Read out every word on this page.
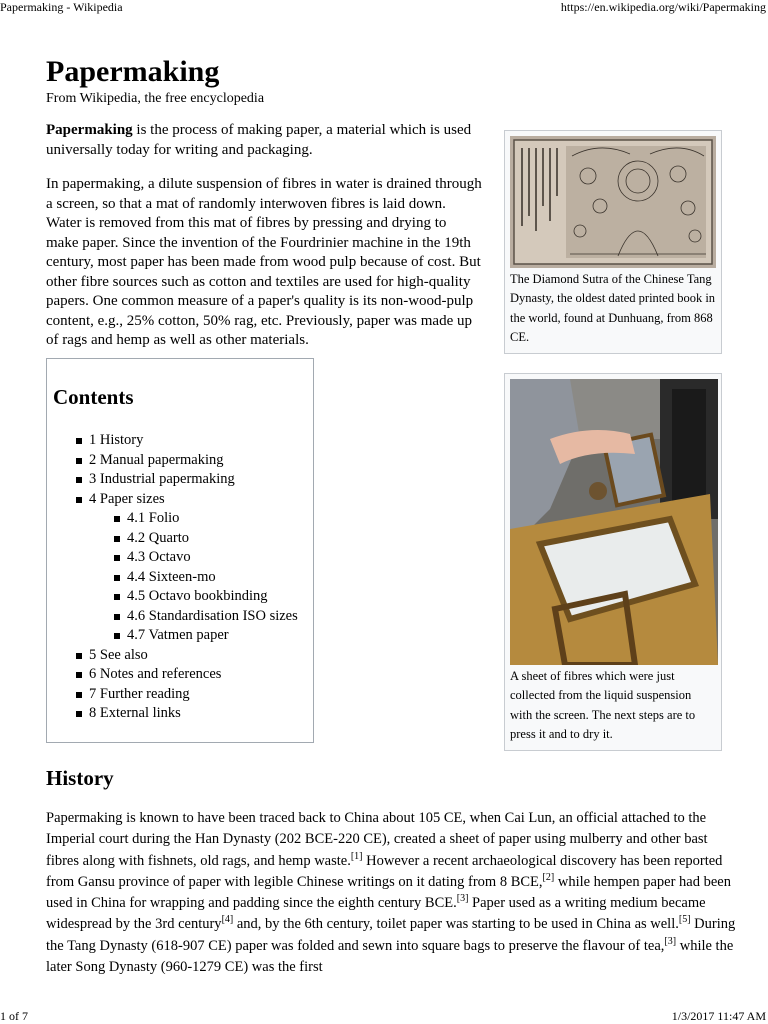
Papermaking - Wikipedia	https://en.wikipedia.org/wiki/Papermaking
Papermaking
From Wikipedia, the free encyclopedia

Papermaking is the process of making paper, a material which is used universally today for writing and packaging.

In papermaking, a dilute suspension of fibres in water is drained through a screen, so that a mat of randomly interwoven fibres is laid down. Water is removed from this mat of fibres by pressing and drying to make paper. Since the invention of the Fourdrinier machine in the 19th century, most paper has been made from wood pulp because of cost. But other fibre sources such as cotton and textiles are used for high-quality papers. One common measure of a paper's quality is its non-wood-pulp content, e.g., 25% cotton, 50% rag, etc. Previously, paper was made up of rags and hemp as well as other materials.

The Diamond Sutra of the Chinese Tang Dynasty, the oldest dated printed book in the world, found at Dunhuang, from 868 CE.
A sheet of fibres which were just collected from the liquid suspension with the screen. The next steps are to press it and to dry it.
Contents
1 History
2 Manual papermaking
3 Industrial papermaking
4 Paper sizes
4.1 Folio
4.2 Quarto
4.3 Octavo
4.4 Sixteen-mo
4.5 Octavo bookbinding
4.6 Standardisation ISO sizes
4.7 Vatmen paper
5 See also
6 Notes and references
7 Further reading
8 External links
History

Papermaking is known to have been traced back to China about 105 CE, when Cai Lun, an official attached to the Imperial court during the Han Dynasty (202 BCE-220 CE), created a sheet of paper using mulberry and other bast fibres along with fishnets, old rags, and hemp waste.[1] However a recent archaeological discovery has been reported from Gansu province of paper with legible Chinese writings on it dating from 8 BCE,[2] while hempen paper had been used in China for wrapping and padding since the eighth century BCE.[3] Paper used as a writing medium became widespread by the 3rd century[4] and, by the 6th century, toilet paper was starting to be used in China as well.[5] During the Tang Dynasty (618-907 CE) paper was folded and sewn into square bags to preserve the flavour of tea,[3] while the later Song Dynasty (960-1279 CE) was the first

1 of 7	1/3/2017 11:47 AM
